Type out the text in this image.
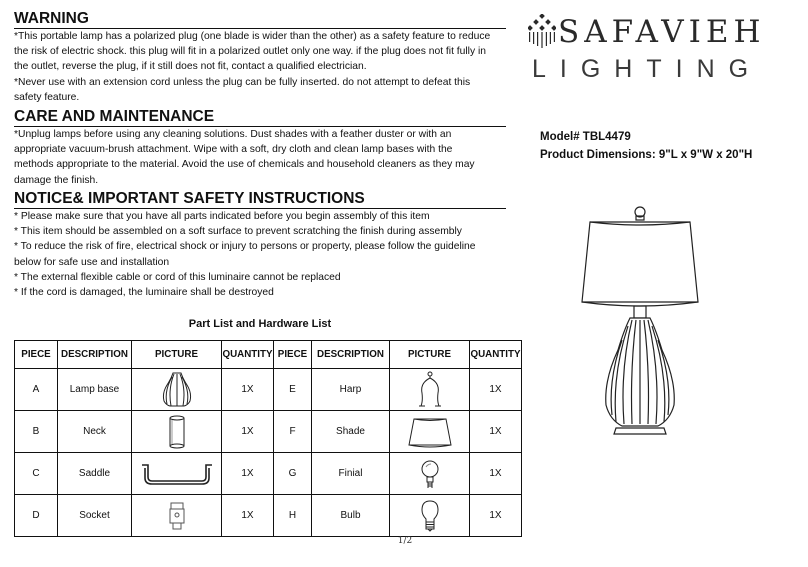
WARNING

*This portable lamp has a polarized plug (one blade is wider than the other) as a safety feature to reduce

the risk of electric shock. this plug will fit in a polarized outlet only one way. if the plug does not fit fully in

the outlet, reverse the plug, if it still does not fit, contact a qualified electrician.

*Never use with an extension cord unless the plug can be fully inserted. do not attempt to defeat this

safety feature.

CARE AND MAINTENANCE

*Unplug lamps before using any cleaning solutions. Dust shades with a feather duster or with an

appropriate vacuum-brush attachment. Wipe with a soft, dry cloth and clean lamp bases with the

methods appropriate to the material. Avoid the use of chemicals and household cleaners as they may

damage the finish.

NOTICE& IMPORTANT SAFETY INSTRUCTIONS

* Please make sure that you have all parts indicated before you begin assembly of this item

* This item should be assembled on a soft surface to prevent scratching the finish during assembly

* To reduce the risk of fire, electrical shock or injury to persons or property, please follow the guideline

below for safe use and installation

* The external flexible cable or cord of this luminaire cannot be replaced

* If the cord is damaged, the luminaire shall be destroyed

SAFAVIEH
LIGHTING
Model# TBL4479
Product Dimensions: 9"L x 9"W x 20"H
Part List and Hardware List
PIECE	DESCRIPTION	PICTURE	QUANTITY	PIECE	DESCRIPTION	PICTURE	QUANTITY
A	Lamp base		1X	E	Harp		1X
B	Neck		1X	F	Shade		1X
C	Saddle		1X	G	Finial		1X
D	Socket		1X	H	Bulb		1X
1/2
